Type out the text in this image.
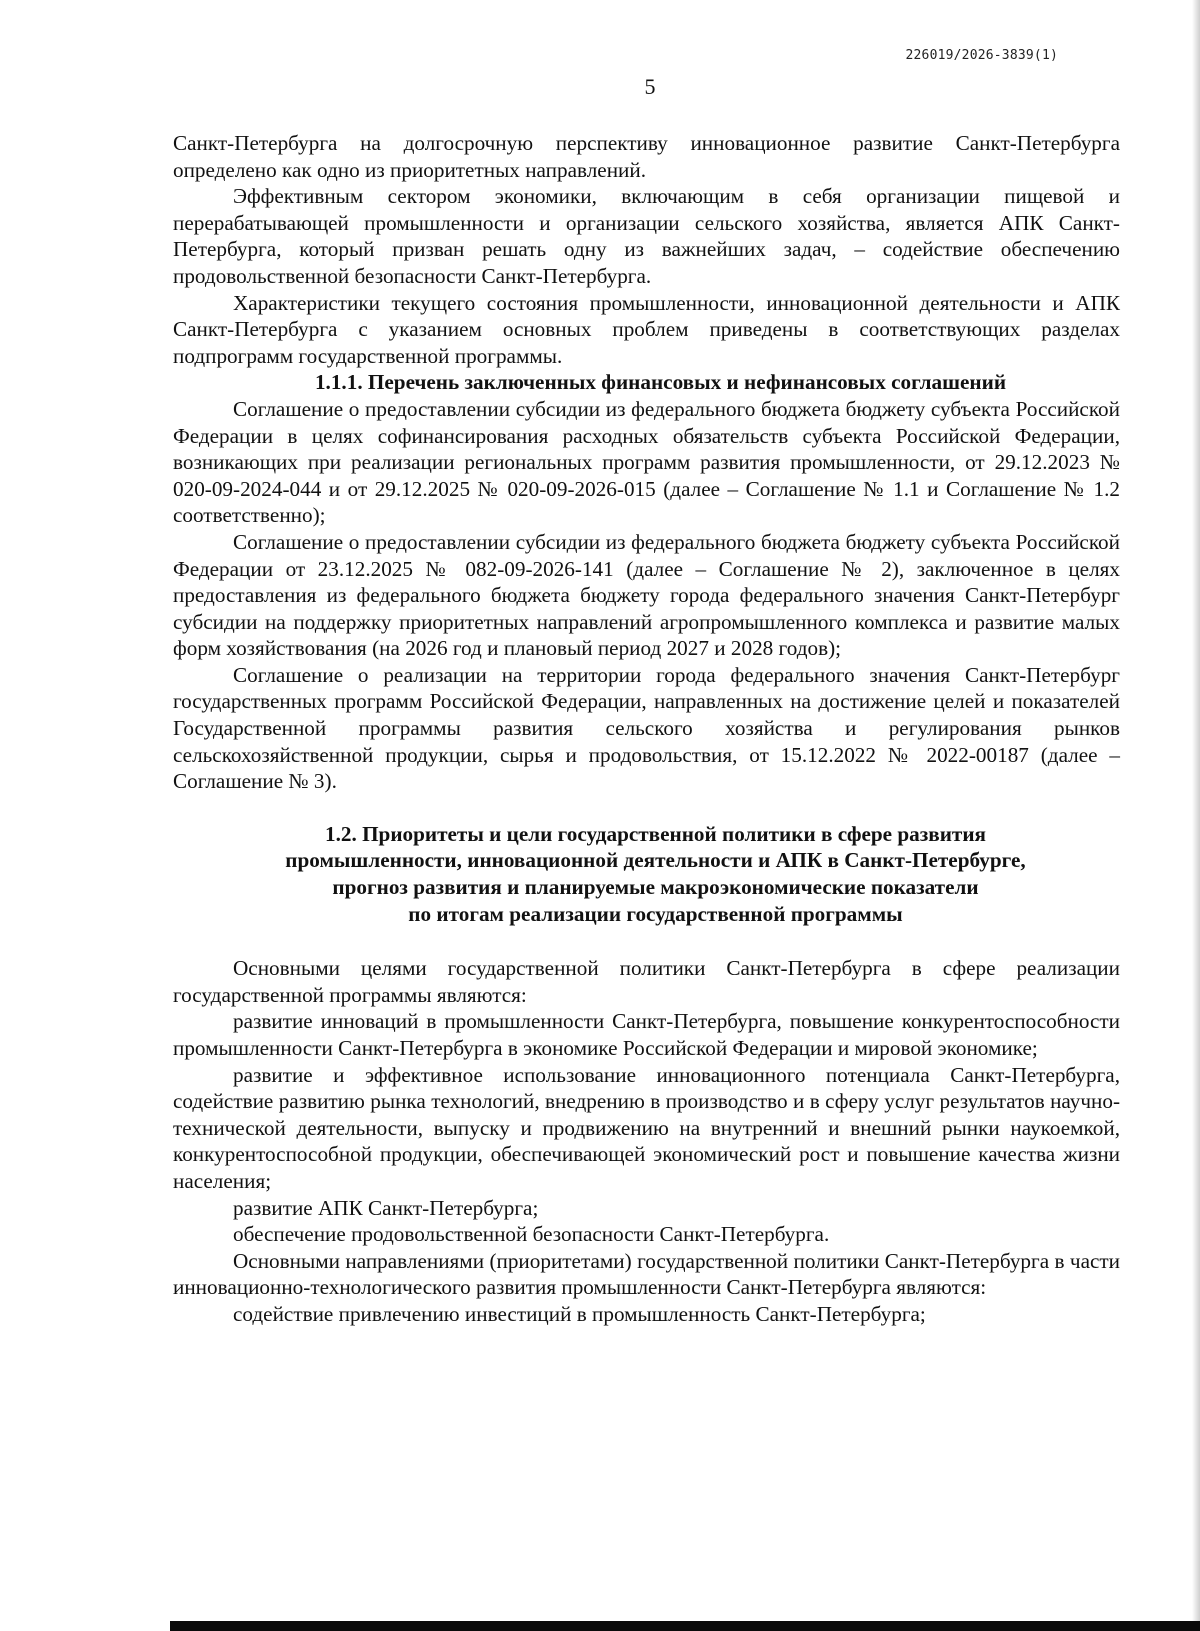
226019/2026-3839(1)
5

Санкт-Петербурга на долгосрочную перспективу инновационное развитие Санкт-Петербурга определено как одно из приоритетных направлений.

Эффективным сектором экономики, включающим в себя организации пищевой и перерабатывающей промышленности и организации сельского хозяйства, является АПК Санкт-Петербурга, который призван решать одну из важнейших задач, – содействие обеспечению продовольственной безопасности Санкт-Петербурга.

Характеристики текущего состояния промышленности, инновационной деятельности и АПК Санкт-Петербурга с указанием основных проблем приведены в соответствующих разделах подпрограмм государственной программы.

1.1.1. Перечень заключенных финансовых и нефинансовых соглашений

Соглашение о предоставлении субсидии из федерального бюджета бюджету субъекта Российской Федерации в целях софинансирования расходных обязательств субъекта Российской Федерации, возникающих при реализации региональных программ развития промышленности, от 29.12.2023 № 020-09-2024-044 и от 29.12.2025 № 020-09-2026-015 (далее – Соглашение № 1.1 и Соглашение № 1.2 соответственно);

Соглашение о предоставлении субсидии из федерального бюджета бюджету субъекта Российской Федерации от 23.12.2025 № 082-09-2026-141 (далее – Соглашение № 2), заключенное в целях предоставления из федерального бюджета бюджету города федерального значения Санкт-Петербург субсидии на поддержку приоритетных направлений агропромышленного комплекса и развитие малых форм хозяйствования (на 2026 год и плановый период 2027 и 2028 годов);

Соглашение о реализации на территории города федерального значения Санкт-Петербург государственных программ Российской Федерации, направленных на достижение целей и показателей Государственной программы развития сельского хозяйства и регулирования рынков сельскохозяйственной продукции, сырья и продовольствия, от 15.12.2022 № 2022-00187 (далее – Соглашение № 3).

1.2. Приоритеты и цели государственной политики в сфере развития
промышленности, инновационной деятельности и АПК в Санкт-Петербурге,
прогноз развития и планируемые макроэкономические показатели
по итогам реализации государственной программы

Основными целями государственной политики Санкт-Петербурга в сфере реализации государственной программы являются:

развитие инноваций в промышленности Санкт-Петербурга, повышение конкурентоспособности промышленности Санкт-Петербурга в экономике Российской Федерации и мировой экономике;

развитие и эффективное использование инновационного потенциала Санкт-Петербурга, содействие развитию рынка технологий, внедрению в производство и в сферу услуг результатов научно-технической деятельности, выпуску и продвижению на внутренний и внешний рынки наукоемкой, конкурентоспособной продукции, обеспечивающей экономический рост и повышение качества жизни населения;

развитие АПК Санкт-Петербурга;

обеспечение продовольственной безопасности Санкт-Петербурга.

Основными направлениями (приоритетами) государственной политики Санкт-Петербурга в части инновационно-технологического развития промышленности Санкт-Петербурга являются:

содействие привлечению инвестиций в промышленность Санкт-Петербурга;
